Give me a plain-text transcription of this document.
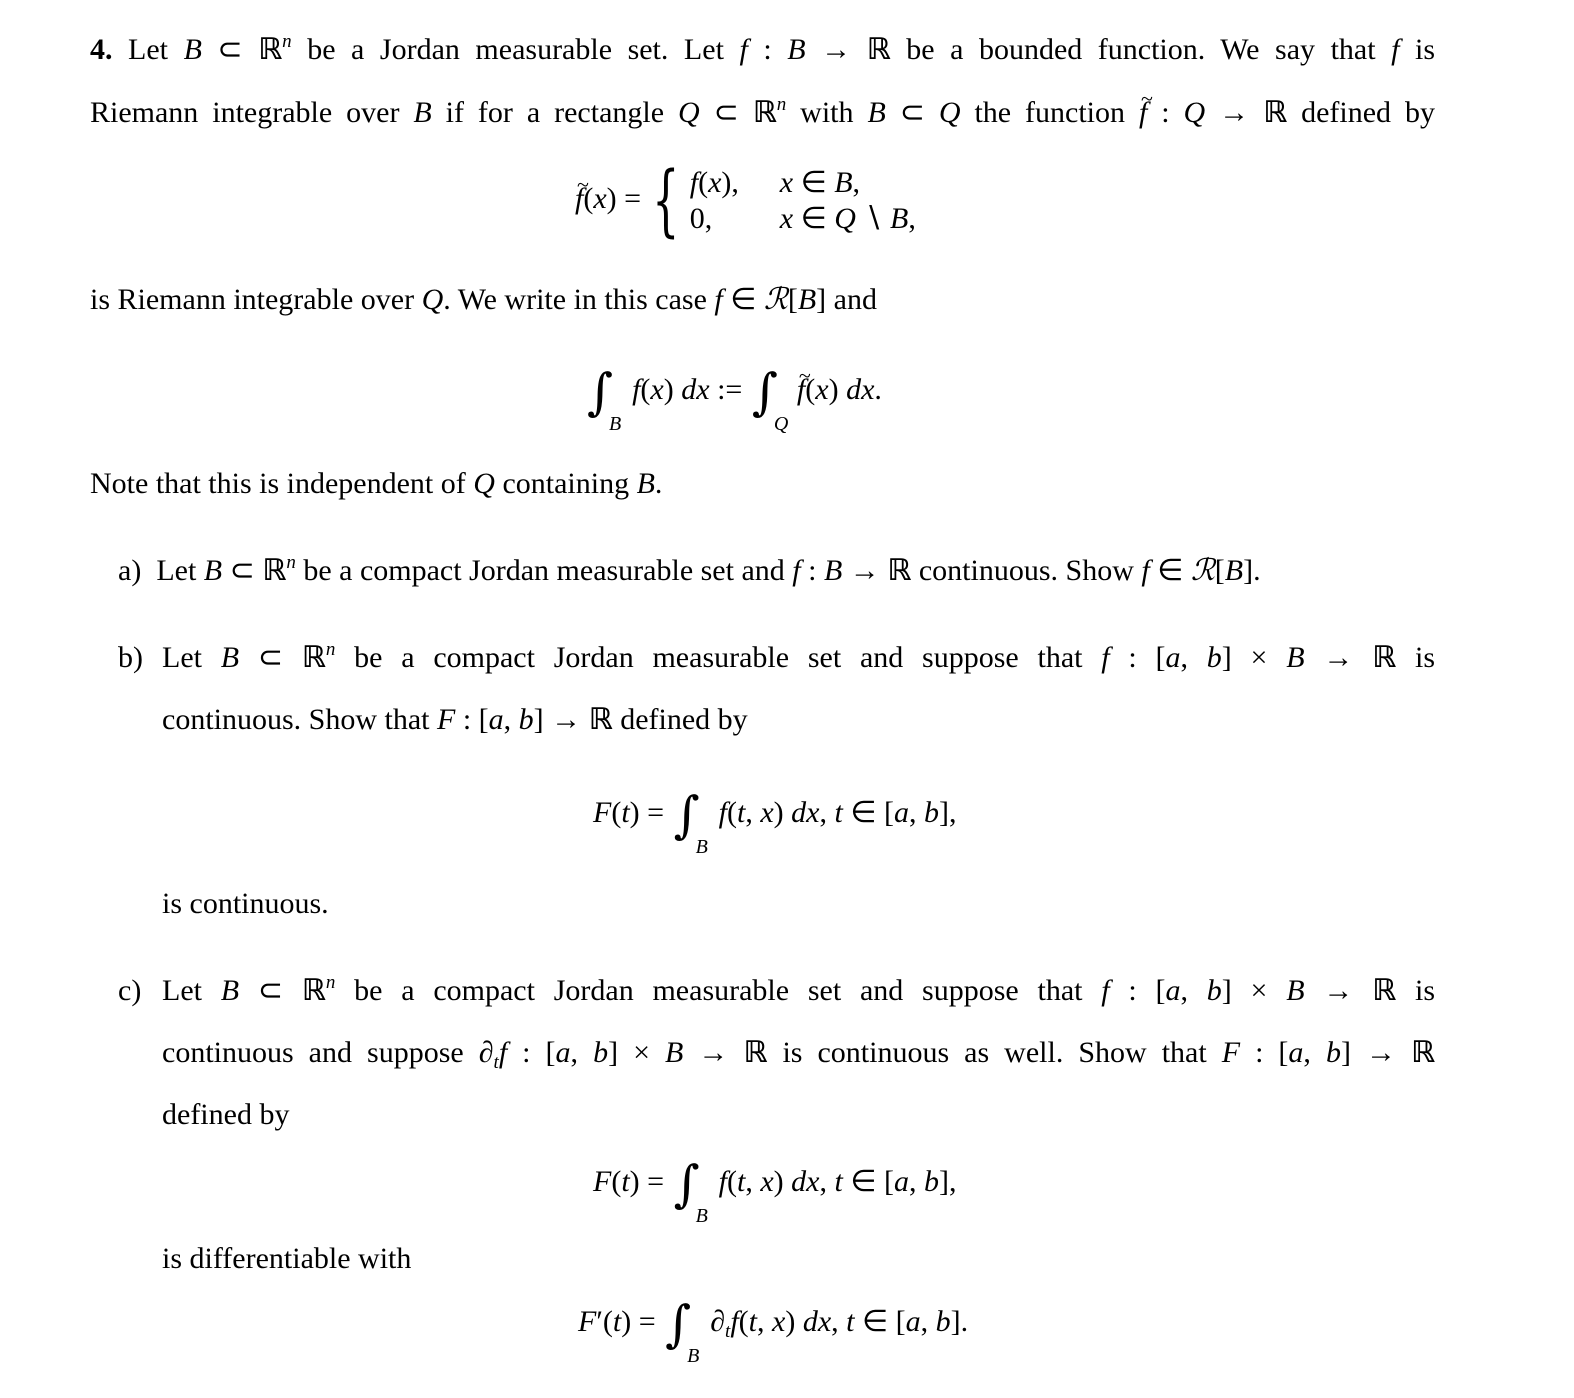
4. Let B ⊂ ℝ$^n$ be a Jordan measurable set. Let f : B → ℝ be a bounded function. We say that f is
Riemann integrable over B if for a rectangle Q ⊂ ℝ$^n$ with B ⊂ Q the function ~ f : Q → ℝ defined by
~ f(x) = { f(x), x ∈ B,
0, x ∈ Q ∖ B,
is Riemann integrable over Q. We write in this case f ∈ ℛ[B] and
∫
B
f(x) dx := ∫
Q
~ f(x) dx.
Note that this is independent of Q containing B.
a)  Let B ⊂ ℝ$^n$ be a compact Jordan measurable set and f : B → ℝ continuous. Show f ∈ ℛ[B].
b) Let B ⊂ ℝ$^n$ be a compact Jordan measurable set and suppose that f : [a, b] × B → ℝ is
continuous. Show that F : [a, b] → ℝ defined by
F(t) = ∫
B
f(t, x) dx, t ∈ [a, b],
is continuous.
c) Let B ⊂ ℝ$^n$ be a compact Jordan measurable set and suppose that f : [a, b] × B → ℝ is
continuous and suppose $\partial_tf$ : [a, b] × B → ℝ is continuous as well. Show that F : [a, b] → ℝ
defined by
F(t) = ∫
B
f(t, x) dx, t ∈ [a, b],
is differentiable with
F′(t) = ∫
B
$\partial_tf(t$, x) dx, t ∈ [a, b].
